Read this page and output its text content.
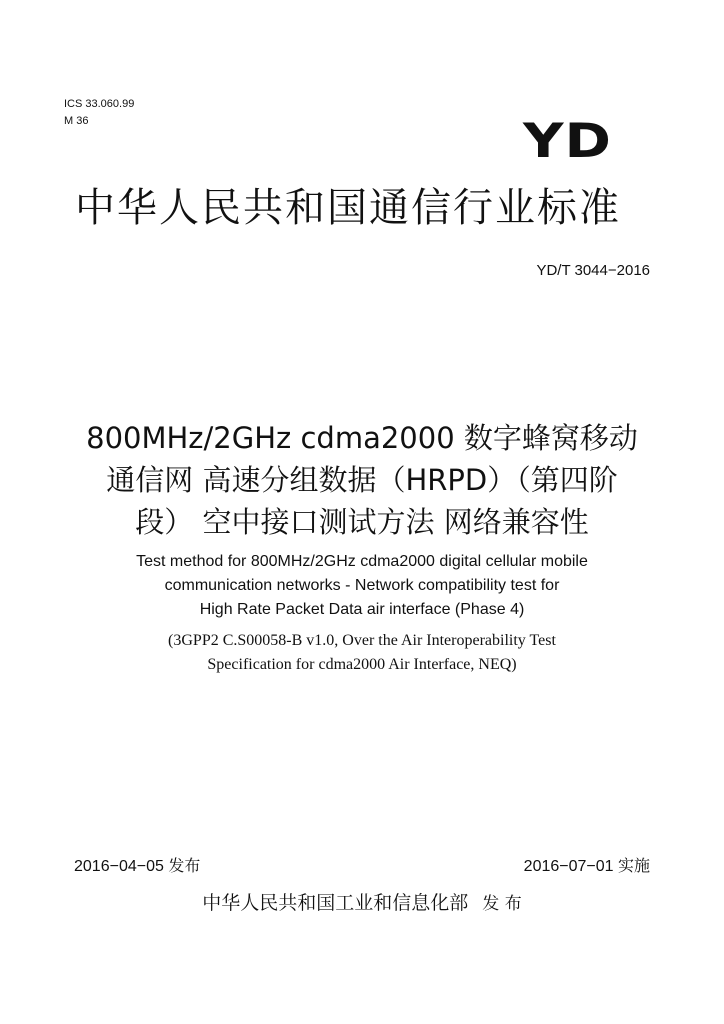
ICS 33.060.99
M 36	YD
中华人民共和国通信行业标准
YD/T 3044−2016
800MHz/2GHz cdma2000 数字蜂窝移动
通信网 高速分组数据（HRPD）（第四阶
段） 空中接口测试方法 网络兼容性
Test method for 800MHz/2GHz cdma2000 digital cellular mobile
communication networks - Network compatibility test for
High Rate Packet Data air interface (Phase 4)
(3GPP2 C.S00058-B v1.0, Over the Air Interoperability Test
Specification for cdma2000 Air Interface, NEQ)
2016−04−05 发布	2016−07−01 实施
中华人民共和国工业和信息化部 发 布
